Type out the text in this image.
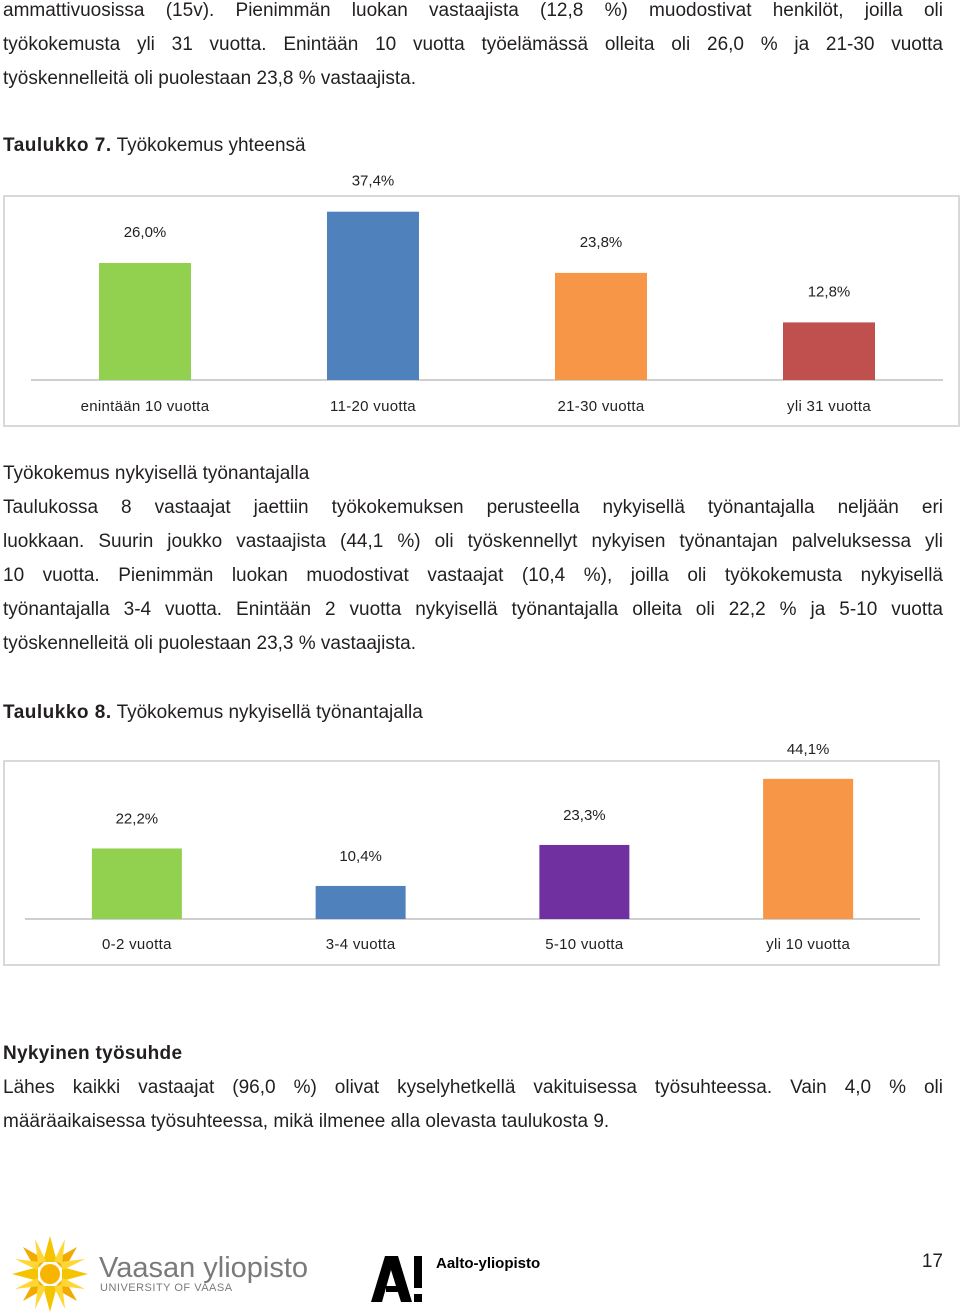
ammattivuosissa (15v). Pienimmän luokan vastaajista (12,8 %) muodostivat henkilöt, joilla oli
työkokemusta yli 31 vuotta. Enintään 10 vuotta työelämässä olleita oli 26,0 % ja 21-30 vuotta
työskennelleitä oli puolestaan 23,8 % vastaajista.

Taulukko 7. Työkokemus yhteensä

26,0%
enintään 10 vuotta
37,4%
11-20 vuotta
23,8%
21-30 vuotta
12,8%
yli 31 vuotta

Työkokemus nykyisellä työnantajalla

Taulukossa 8 vastaajat jaettiin työkokemuksen perusteella nykyisellä työnantajalla neljään eri
luokkaan. Suurin joukko vastaajista (44,1 %) oli työskennellyt nykyisen työnantajan palveluksessa yli
10 vuotta. Pienimmän luokan muodostivat vastaajat (10,4 %), joilla oli työkokemusta nykyisellä
työnantajalla 3-4 vuotta. Enintään 2 vuotta nykyisellä työnantajalla olleita oli 22,2 % ja 5-10 vuotta
työskennelleitä oli puolestaan 23,3 % vastaajista.

Taulukko 8. Työkokemus nykyisellä työnantajalla

22,2%
0-2 vuotta
10,4%
3-4 vuotta
23,3%
5-10 vuotta
44,1%
yli 10 vuotta

Nykyinen työsuhde

Lähes kaikki vastaajat (96,0 %) olivat kyselyhetkellä vakituisessa työsuhteessa. Vain 4,0 % oli
määräaikaisessa työsuhteessa, mikä ilmenee alla olevasta taulukosta 9.
Vaasan yliopisto
UNIVERSITY OF VAASA
Aalto-yliopisto	17
